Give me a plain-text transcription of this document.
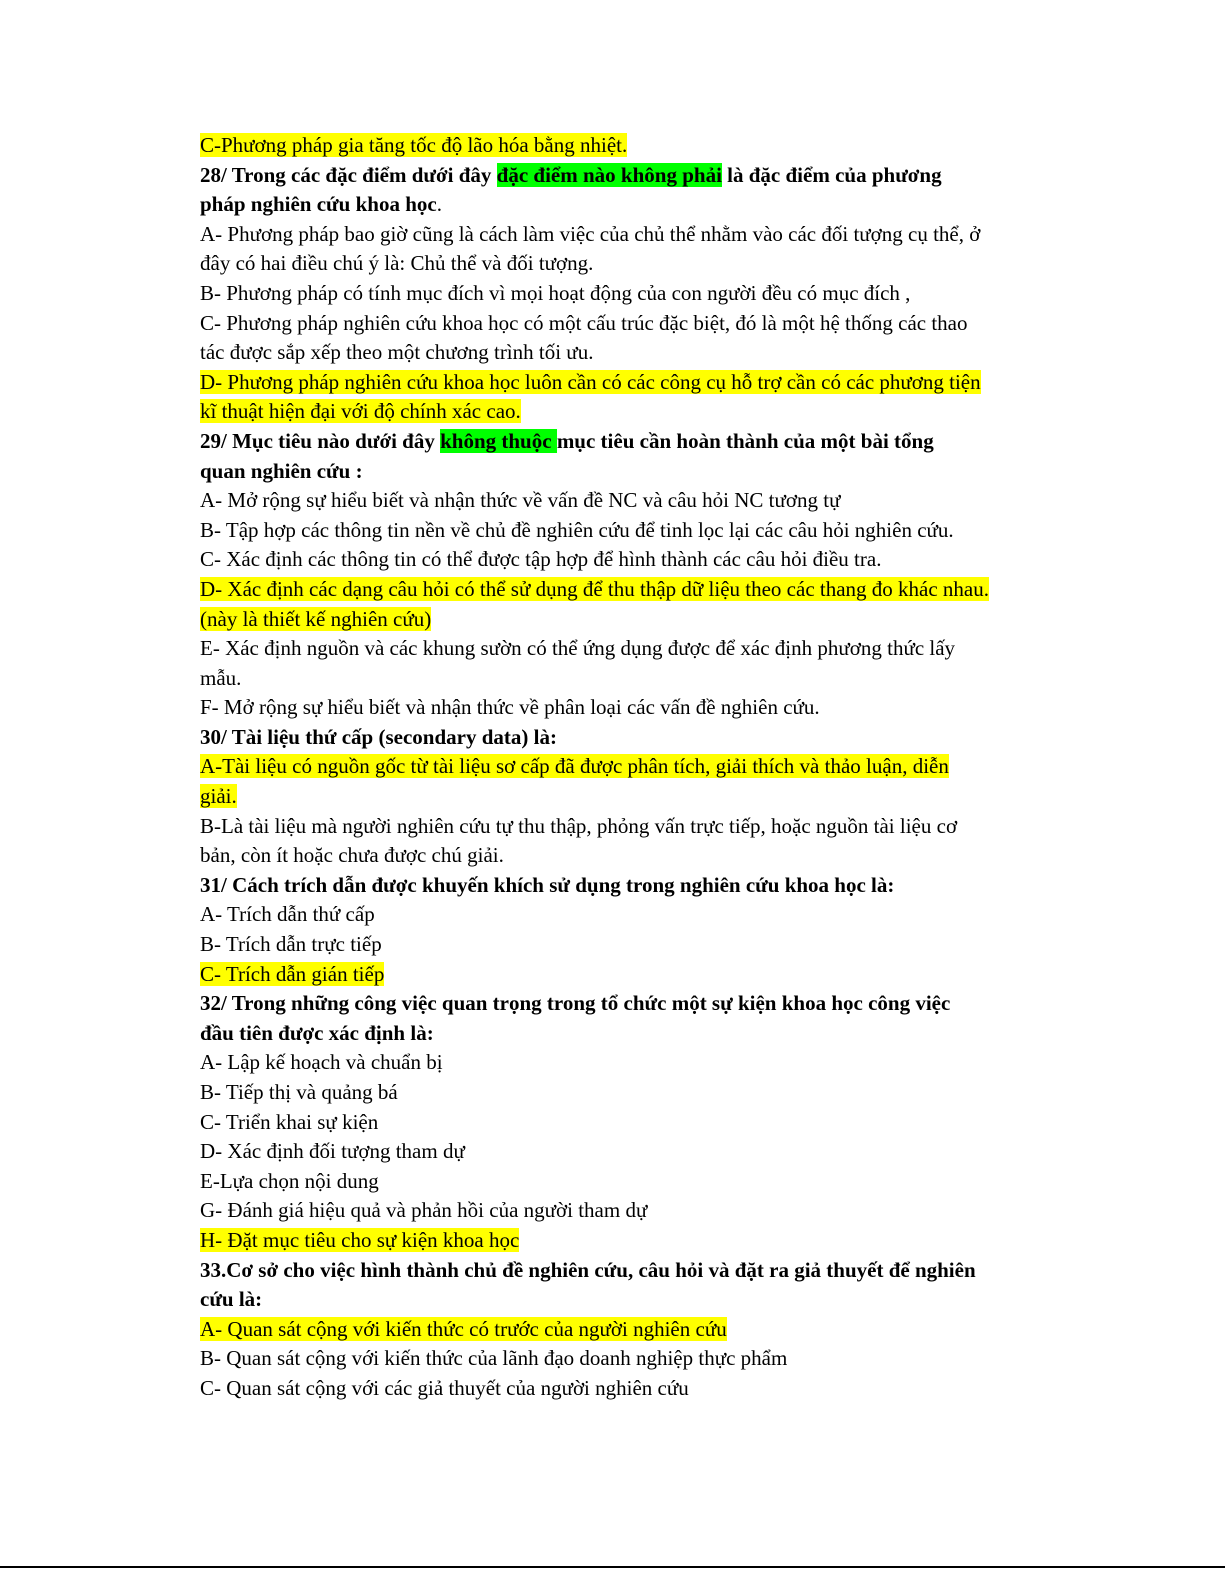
C-Phương pháp gia tăng tốc độ lão hóa bằng nhiệt.
28/ Trong các đặc điểm dưới đây đặc điểm nào không phải là đặc điểm của phương
pháp nghiên cứu khoa học.
A- Phương pháp bao giờ cũng là cách làm việc của chủ thể nhằm vào các đối tượng cụ thể, ở
đây có hai điều chú ý là: Chủ thể và đối tượng.
B- Phương pháp có tính mục đích vì mọi hoạt động của con người đều có mục đích ,
C- Phương pháp nghiên cứu khoa học có một cấu trúc đặc biệt, đó là một hệ thống các thao
tác được sắp xếp theo một chương trình tối ưu.
D- Phương pháp nghiên cứu khoa học luôn cần có các công cụ hỗ trợ cần có các phương tiện
kĩ thuật hiện đại với độ chính xác cao.
29/ Mục tiêu nào dưới đây không thuộc mục tiêu cần hoàn thành của một bài tổng
quan nghiên cứu :
A- Mở rộng sự hiểu biết và nhận thức về vấn đề NC và câu hỏi NC tương tự
B- Tập hợp các thông tin nền về chủ đề nghiên cứu để tinh lọc lại các câu hỏi nghiên cứu.
C- Xác định các thông tin có thể được tập hợp để hình thành các câu hỏi điều tra.
D- Xác định các dạng câu hỏi có thể sử dụng để thu thập dữ liệu theo các thang đo khác nhau.
(này là thiết kế nghiên cứu)
E- Xác định nguồn và các khung sườn có thể ứng dụng được để xác định phương thức lấy
mẫu.
F- Mở rộng sự hiểu biết và nhận thức về phân loại các vấn đề nghiên cứu.
30/ Tài liệu thứ cấp (secondary data) là:
A-Tài liệu có nguồn gốc từ tài liệu sơ cấp đã được phân tích, giải thích và thảo luận, diễn
giải.
B-Là tài liệu mà người nghiên cứu tự thu thập, phỏng vấn trực tiếp, hoặc nguồn tài liệu cơ
bản, còn ít hoặc chưa được chú giải.
31/ Cách trích dẫn được khuyến khích sử dụng trong nghiên cứu khoa học là:
A- Trích dẫn thứ cấp
B- Trích dẫn trực tiếp
C- Trích dẫn gián tiếp
32/ Trong những công việc quan trọng trong tổ chức một sự kiện khoa học công việc
đầu tiên được xác định là:
A- Lập kế hoạch và chuẩn bị
B- Tiếp thị và quảng bá
C- Triển khai sự kiện
D- Xác định đối tượng tham dự
E-Lựa chọn nội dung
G- Đánh giá hiệu quả và phản hồi của người tham dự
H- Đặt mục tiêu cho sự kiện khoa học
33.Cơ sở cho việc hình thành chủ đề nghiên cứu, câu hỏi và đặt ra giả thuyết để nghiên
cứu là:
A- Quan sát cộng với kiến thức có trước của người nghiên cứu
B- Quan sát cộng với kiến thức của lãnh đạo doanh nghiệp thực phẩm
C- Quan sát cộng với các giả thuyết của người nghiên cứu
